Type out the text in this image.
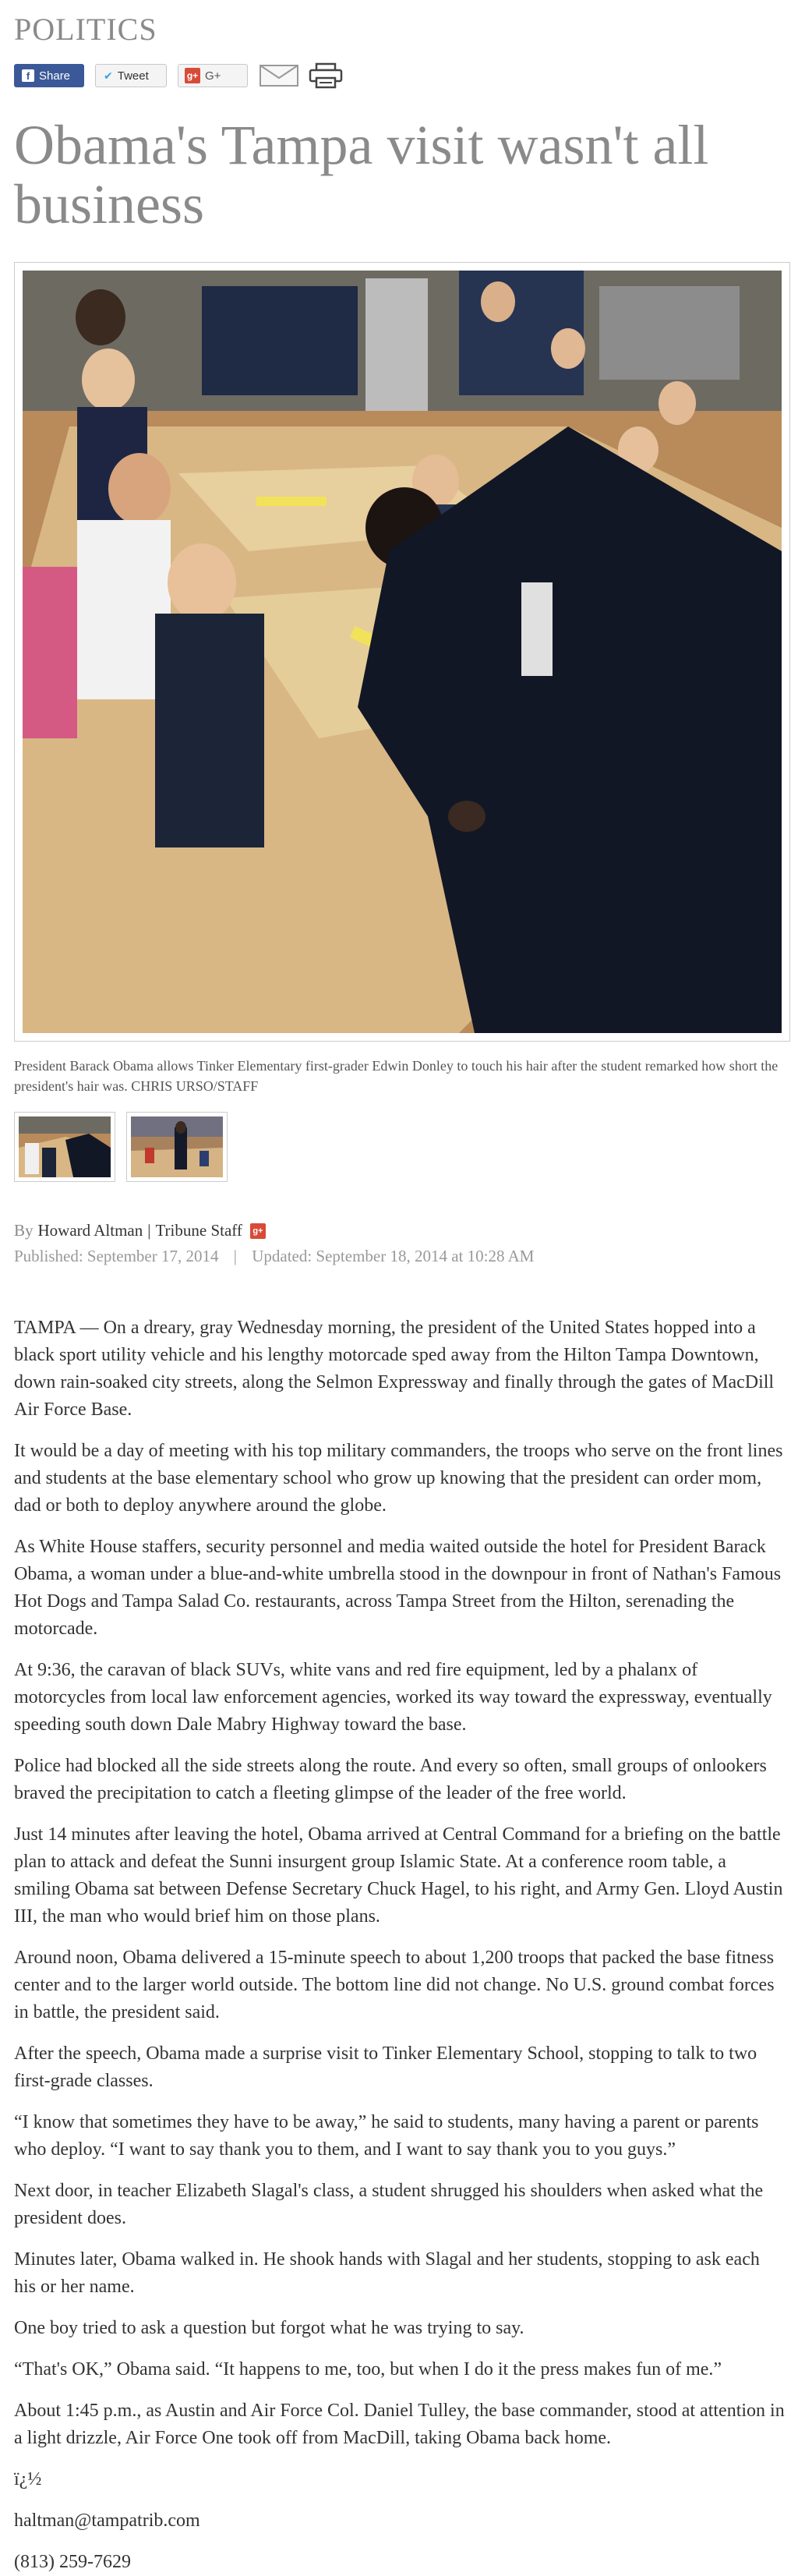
POLITICS
f Share	✔ Tweet	g+ G+
Obama's Tampa visit wasn't all business

President Barack Obama allows Tinker Elementary first-grader Edwin Donley to touch his hair after the student remarked how short the president's hair was. CHRIS URSO/STAFF

By Howard Altman | Tribune Staff	g+
Published: September 17, 2014 | Updated: September 18, 2014 at 10:28 AM

TAMPA — On a dreary, gray Wednesday morning, the president of the United States hopped into a black sport utility vehicle and his lengthy motorcade sped away from the Hilton Tampa Downtown, down rain-soaked city streets, along the Selmon Expressway and finally through the gates of MacDill Air Force Base.

It would be a day of meeting with his top military commanders, the troops who serve on the front lines and students at the base elementary school who grow up knowing that the president can order mom, dad or both to deploy anywhere around the globe.

As White House staffers, security personnel and media waited outside the hotel for President Barack Obama, a woman under a blue-and-white umbrella stood in the downpour in front of Nathan's Famous Hot Dogs and Tampa Salad Co. restaurants, across Tampa Street from the Hilton, serenading the motorcade.

At 9:36, the caravan of black SUVs, white vans and red fire equipment, led by a phalanx of motorcycles from local law enforcement agencies, worked its way toward the expressway, eventually speeding south down Dale Mabry Highway toward the base.

Police had blocked all the side streets along the route. And every so often, small groups of onlookers braved the precipitation to catch a fleeting glimpse of the leader of the free world.

Just 14 minutes after leaving the hotel, Obama arrived at Central Command for a briefing on the battle plan to attack and defeat the Sunni insurgent group Islamic State. At a conference room table, a smiling Obama sat between Defense Secretary Chuck Hagel, to his right, and Army Gen. Lloyd Austin III, the man who would brief him on those plans.

Around noon, Obama delivered a 15-minute speech to about 1,200 troops that packed the base fitness center and to the larger world outside. The bottom line did not change. No U.S. ground combat forces in battle, the president said.

After the speech, Obama made a surprise visit to Tinker Elementary School, stopping to talk to two first-grade classes.

“I know that sometimes they have to be away,” he said to students, many having a parent or parents who deploy. “I want to say thank you to them, and I want to say thank you to you guys.”

Next door, in teacher Elizabeth Slagal's class, a student shrugged his shoulders when asked what the president does.

Minutes later, Obama walked in. He shook hands with Slagal and her students, stopping to ask each his or her name.

One boy tried to ask a question but forgot what he was trying to say.

“That's OK,” Obama said. “It happens to me, too, but when I do it the press makes fun of me.”

About 1:45 p.m., as Austin and Air Force Col. Daniel Tulley, the base commander, stood at attention in a light drizzle, Air Force One took off from MacDill, taking Obama back home.

ï¿½

haltman@tampatrib.com

(813) 259-7629
